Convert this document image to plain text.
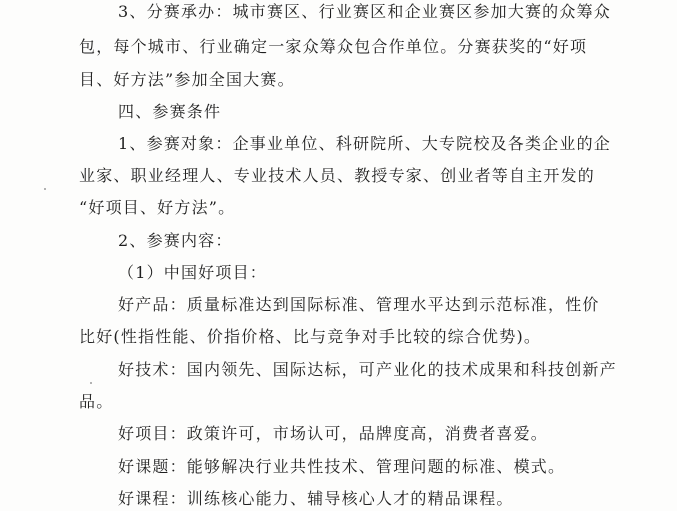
3、分赛承办：城市赛区、行业赛区和企业赛区参加大赛的众筹众
包，每个城市、行业确定一家众筹众包合作单位。分赛获奖的“好项
目、好方法”参加全国大赛。
四、参赛条件
1、参赛对象：企事业单位、科研院所、大专院校及各类企业的企
业家、职业经理人、专业技术人员、教授专家、创业者等自主开发的
“好项目、好方法”。
2、参赛内容：
（1）中国好项目：
好产品：质量标准达到国际标准、管理水平达到示范标准，性价
比好(性指性能、价指价格、比与竞争对手比较的综合优势)。
好技术：国内领先、国际达标，可产业化的技术成果和科技创新产
品。
好项目：政策许可，市场认可，品牌度高，消费者喜爱。
好课题：能够解决行业共性技术、管理问题的标准、模式。
好课程：训练核心能力、辅导核心人才的精品课程。
